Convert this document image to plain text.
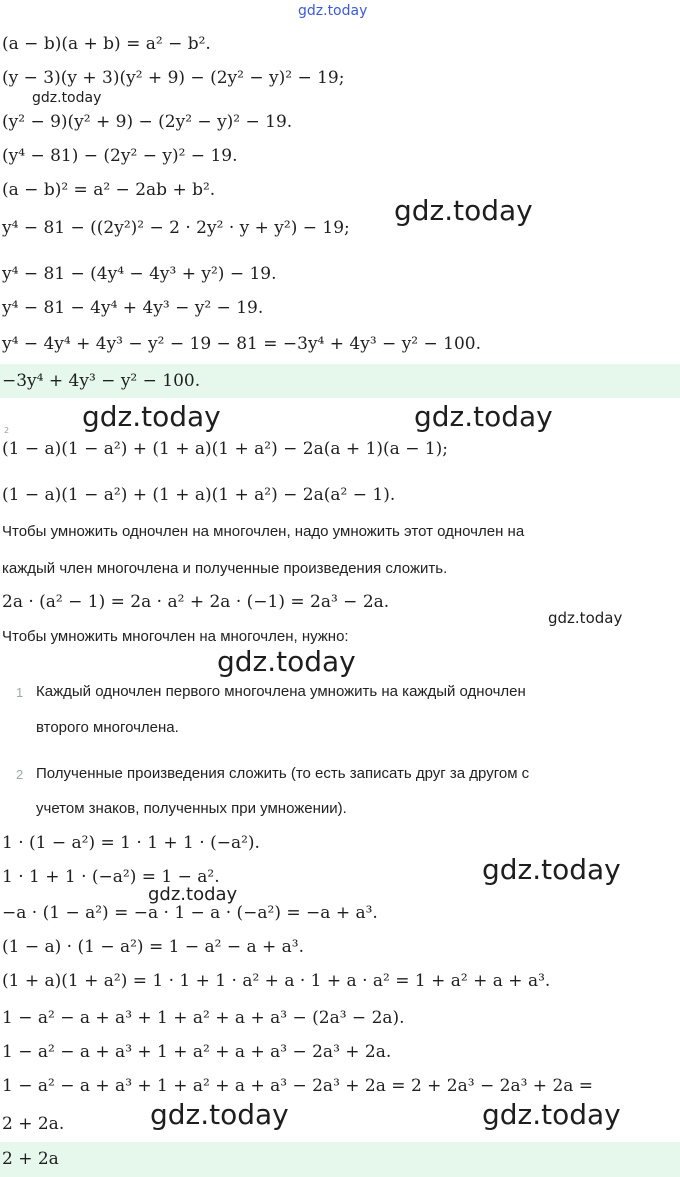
gdz.today
(a − b)(a + b) = a² − b².
(y − 3)(y + 3)(y² + 9) − (2y² − y)² − 19;
gdz.today
(y² − 9)(y² + 9) − (2y² − y)² − 19.
(y⁴ − 81) − (2y² − y)² − 19.
(a − b)² = a² − 2ab + b².
y⁴ − 81 − ((2y²)² − 2 · 2y² · y + y²) − 19;
gdz.today
y⁴ − 81 − (4y⁴ − 4y³ + y²) − 19.
y⁴ − 81 − 4y⁴ + 4y³ − y² − 19.
y⁴ − 4y⁴ + 4y³ − y² − 19 − 81 = −3y⁴ + 4y³ − y² − 100.
−3y⁴ + 4y³ − y² − 100.
gdz.today	gdz.today
2
(1 − a)(1 − a²) + (1 + a)(1 + a²) − 2a(a + 1)(a − 1);
(1 − a)(1 − a²) + (1 + a)(1 + a²) − 2a(a² − 1).
Чтобы умножить одночлен на многочлен, надо умножить этот одночлен на
каждый член многочлена и полученные произведения сложить.
2a · (a² − 1) = 2a · a² + 2a · (−1) = 2a³ − 2a.
gdz.today
Чтобы умножить многочлен на многочлен, нужно:
gdz.today
1 Каждый одночлен первого многочлена умножить на каждый одночлен
второго многочлена.
2 Полученные произведения сложить (то есть записать друг за другом с
учетом знаков, полученных при умножении).
1 · (1 − a²) = 1 · 1 + 1 · (−a²).
gdz.today
1 · 1 + 1 · (−a²) = 1 − a².
gdz.today
−a · (1 − a²) = −a · 1 − a · (−a²) = −a + a³.
(1 − a) · (1 − a²) = 1 − a² − a + a³.
(1 + a)(1 + a²) = 1 · 1 + 1 · a² + a · 1 + a · a² = 1 + a² + a + a³.
1 − a² − a + a³ + 1 + a² + a + a³ − (2a³ − 2a).
1 − a² − a + a³ + 1 + a² + a + a³ − 2a³ + 2a.
1 − a² − a + a³ + 1 + a² + a + a³ − 2a³ + 2a = 2 + 2a³ − 2a³ + 2a =
gdz.today	gdz.today
2 + 2a.
2 + 2a
